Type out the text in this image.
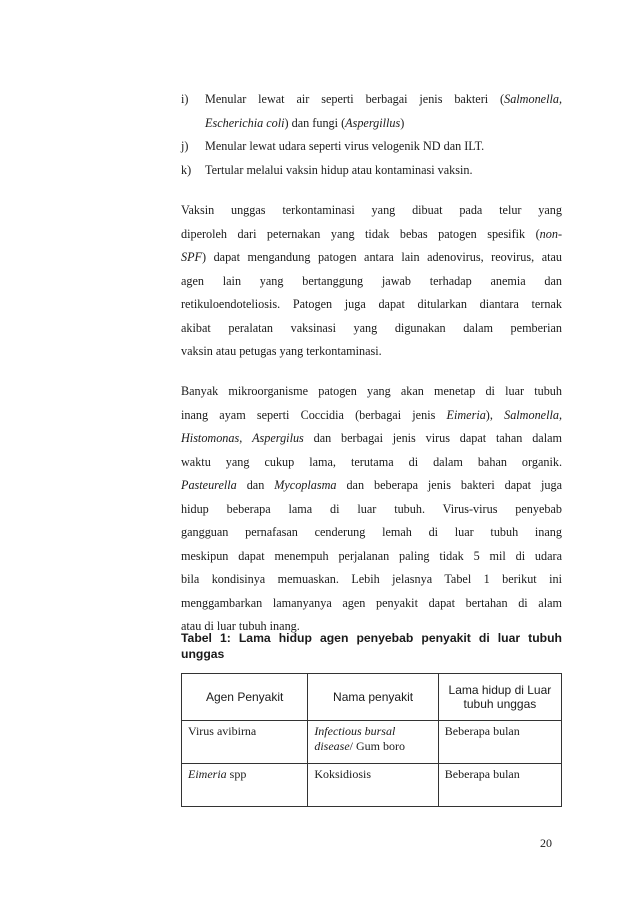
i)	Menular lewat air seperti berbagai jenis bakteri (Salmonella,
Escherichia coli) dan fungi (Aspergillus)
j)	Menular lewat udara seperti virus velogenik ND dan ILT.
k)	Tertular melalui vaksin hidup atau kontaminasi vaksin.
Vaksin unggas terkontaminasi yang dibuat pada telur yang
diperoleh dari peternakan yang tidak bebas patogen spesifik (non-
SPF) dapat mengandung patogen antara lain adenovirus, reovirus, atau
agen lain yang bertanggung jawab terhadap anemia dan
retikuloendoteliosis. Patogen juga dapat ditularkan diantara ternak
akibat peralatan vaksinasi yang digunakan dalam pemberian
vaksin atau petugas yang terkontaminasi.
Banyak mikroorganisme patogen yang akan menetap di luar tubuh
inang ayam seperti Coccidia (berbagai jenis Eimeria), Salmonella,
Histomonas, Aspergilus dan berbagai jenis virus dapat tahan dalam
waktu yang cukup lama, terutama di dalam bahan organik.
Pasteurella dan Mycoplasma dan beberapa jenis bakteri dapat juga
hidup beberapa lama di luar tubuh. Virus-virus penyebab
gangguan pernafasan cenderung lemah di luar tubuh inang
meskipun dapat menempuh perjalanan paling tidak 5 mil di udara
bila kondisinya memuaskan. Lebih jelasnya Tabel 1 berikut ini
menggambarkan lamanyanya agen penyakit dapat bertahan di alam
atau di luar tubuh inang.
Tabel 1: Lama hidup agen penyebab penyakit di luar tubuh
unggas
Agen Penyakit	Nama penyakit	Lama hidup di Luar tubuh unggas
Virus avibirna	Infectious bursal
disease/ Gum boro	Beberapa bulan
Eimeria spp	Koksidiosis	Beberapa bulan
20
